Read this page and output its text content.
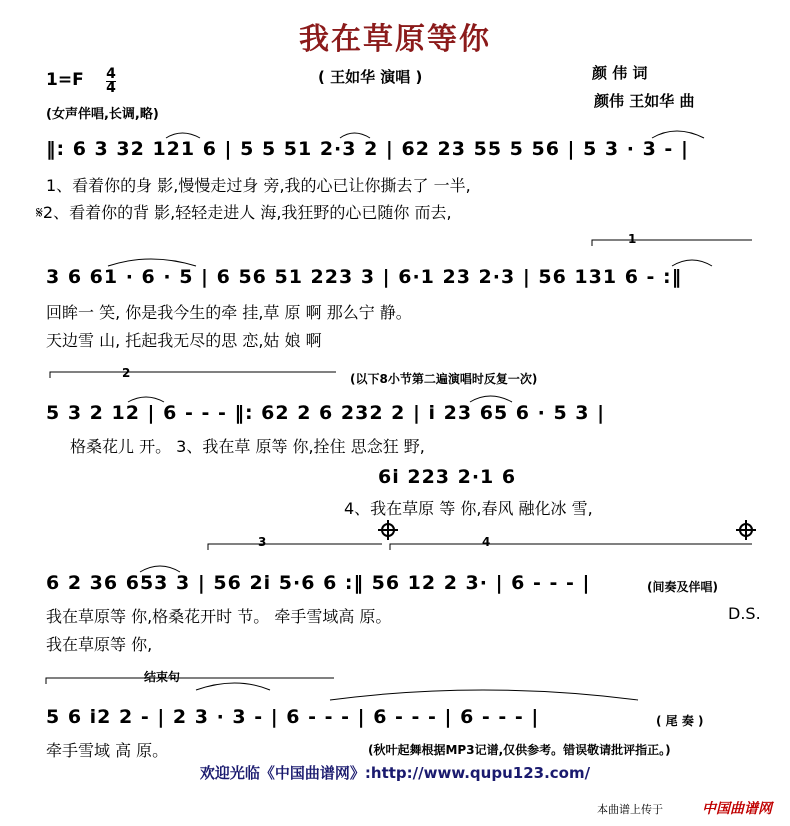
我在草原等你
( 王如华 演唱 )	颜 伟 词
颜伟 王如华 曲
1=F 4
4
(女声伴唱,长调,略)
‖: 6 3 32 121 6 | 5 5 51 2·3 2 | 62 23 55 5 56 | 5 3 · 3 - |
1、看着你的身 影,慢慢走过身 旁,我的心已让你撕去了 一半,
𝄋2、看着你的背 影,轻轻走进人 海,我狂野的心已随你 而去,
1
3 6 61 · 6 · 5 | 6 56 51 223 3 | 6·1 23 2·3 | 56 131 6 - :‖
回眸一 笑, 你是我今生的牵 挂,草 原 啊 那么宁 静。
天边雪 山, 托起我无尽的思 恋,姑 娘 啊
2	(以下8小节第二遍演唱时反复一次)
5 3 2 12 | 6 - - - ‖: 62 2 6 232 2 | i 23 65 6 · 5 3 |
格桑花儿 开。 3、我在草 原等 你,拴住 思念狂 野,
6i 223 2·1 6
4、我在草原 等 你,春风 融化冰 雪,
3	4
6 2 36 653 3 | 56 2i 5·6 6 :‖ 56 12 2 3· | 6 - - - |	(间奏及伴唱)
我在草原等 你,格桑花开时 节。 牵手雪域高 原。	D.S.
我在草原等 你,
结束句
5 6 i2 2 - | 2 3 · 3 - | 6 - - - | 6 - - - | 6 - - - |	( 尾 奏 )
牵手雪域 高 原。	(秋叶起舞根据MP3记谱,仅供参考。错误敬请批评指正。)
欢迎光临《中国曲谱网》:http://www.qupu123.com/
本曲谱上传于	中国曲谱网
